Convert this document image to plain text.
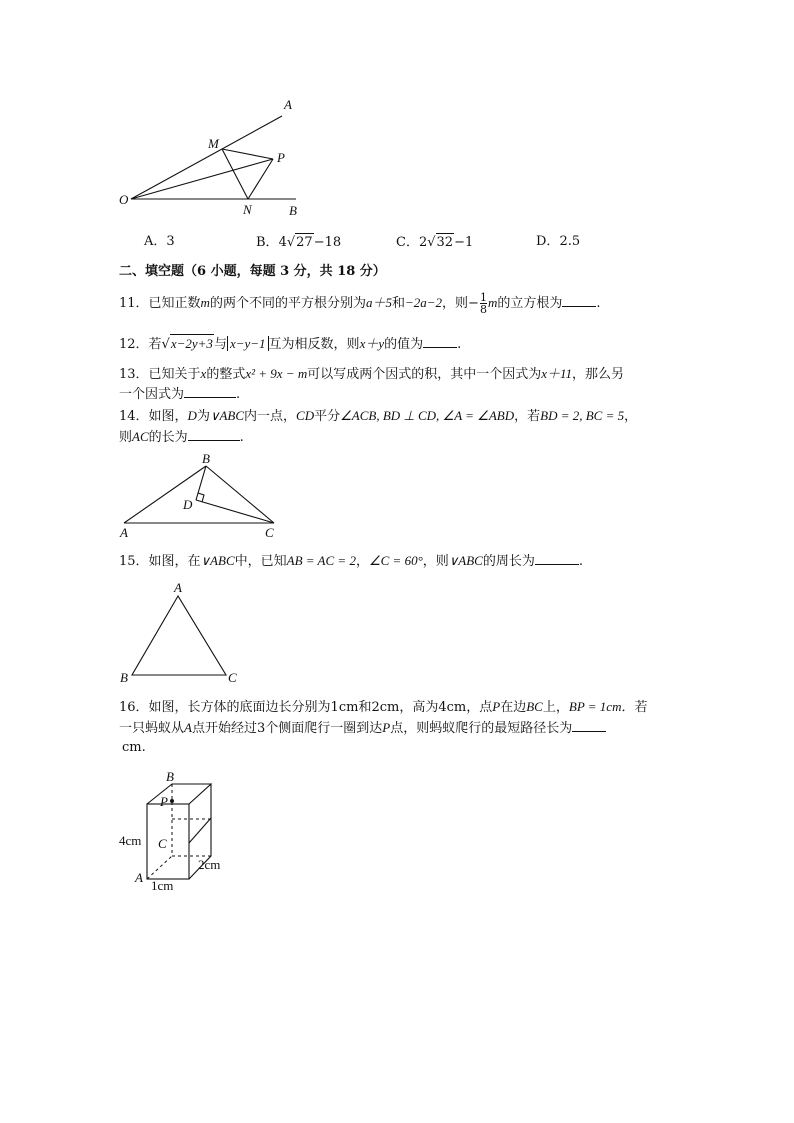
A
M
P
O
N	B
A．3	B．4√27−18	C．2√32−1	D．2.5
二、填空题（6 小题，每题 3 分，共 18 分）
11．已知正数m的两个不同的平方根分别为a＋5和−2a−2，则− $\frac{1}{8}$ m的立方根为	.
12．若√x−2y+3与 x−y−1 互为相反数，则x＋y的值为	.
13．已知关于x的整式x² + 9x − m可以写成两个因式的积，其中一个因式为x＋11，那么另
一个因式为	.
14．如图，D为∨ABC内一点，CD平分∠ACB, BD ⊥ CD, ∠A = ∠ABD，若BD = 2, BC = 5，
则AC的长为	.
B
D
A	C
15．如图，在∨ABC中，已知AB = AC = 2，∠C = 60°，则∨ABC的周长为	.
A
B	C
16．如图，长方体的底面边长分别为1cm和2cm，高为4cm，点P在边BC上，BP = 1cm．若
一只蚂蚁从A点开始经过3个侧面爬行一圈到达P点，则蚂蚁爬行的最短路径长为
cm.
B
P
C
A
4cm
2cm
1cm
